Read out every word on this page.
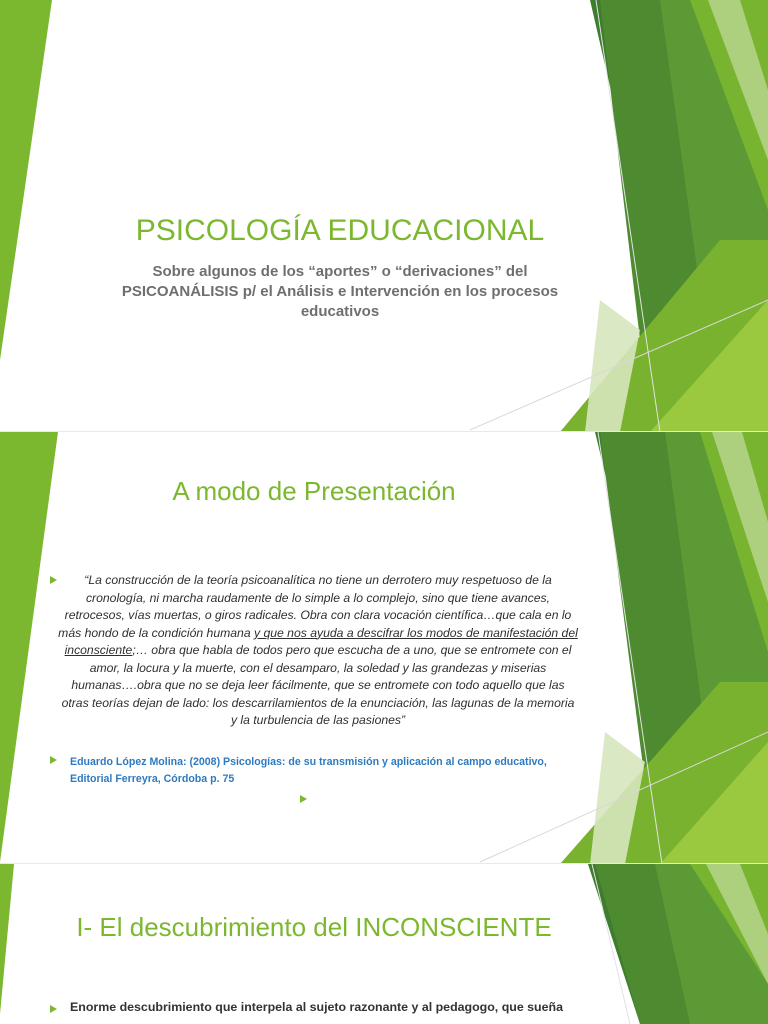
PSICOLOGÍA EDUCACIONAL

Sobre algunos de los “aportes” o “derivaciones” del PSICOANÁLISIS p/ el Análisis e Intervención en los procesos educativos

A modo de Presentación

“La construcción de la teoría psicoanalítica no tiene un derrotero muy respetuoso de la cronología, ni marcha raudamente de lo simple a lo complejo, sino que tiene avances, retrocesos, vías muertas, o giros radicales. Obra con clara vocación científica…que cala en lo más hondo de la condición humana y que nos ayuda a descifrar los modos de manifestación del inconsciente;… obra que habla de todos pero que escucha de a uno, que se entromete con el amor, la locura y la muerte, con el desamparo, la soledad y las grandezas y miserias humanas….obra que no se deja leer fácilmente, que se entromete con todo aquello que las otras teorías dejan de lado: los descarrilamientos de la enunciación, las lagunas de la memoria y la turbulencia de las pasiones”

Eduardo López Molina: (2008) Psicologías: de su transmisión y aplicación al campo educativo, Editorial Ferreyra, Córdoba p. 75

I- El descubrimiento del INCONSCIENTE

Enorme descubrimiento que interpela al sujeto razonante y al pedagogo, que sueña
